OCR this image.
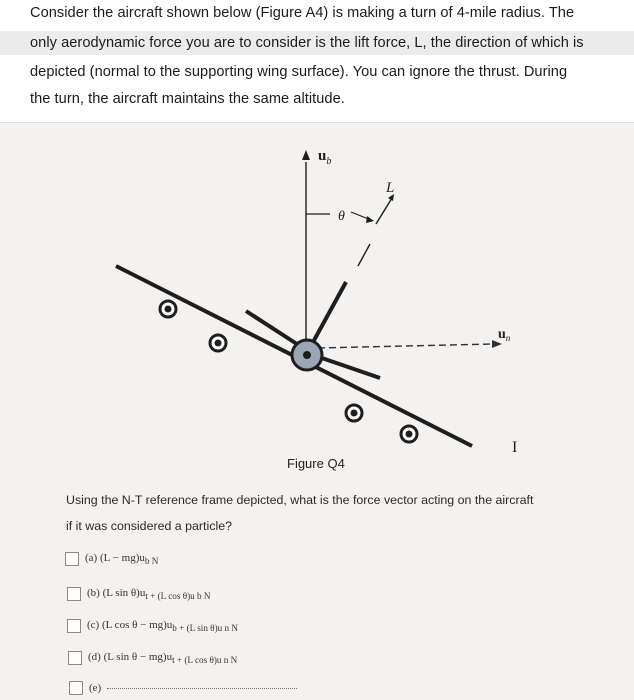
Consider the aircraft shown below (Figure A4) is making a turn of 4-mile radius. The
only aerodynamic force you are to consider is the lift force, L, the direction of which is
depicted (normal to the supporting wing surface). You can ignore the thrust. During
the turn, the aircraft maintains the same altitude.
$u_b$
L
θ
$u_n$
I
Figure Q4
Using the N-T reference frame depicted, what is the force vector acting on the aircraft
if it was considered a particle?
(a) $(L - mg)u_{b N}$
(b) (L $\sin \theta)u_{t + (L cos \theta)u b N}$
(c) (L $\cos \theta - mg)u_{b + (L sin \theta)u n N}$
(d) (L $\sin \theta - mg)u_{t + (L cos \theta)u n N}$
(e)
